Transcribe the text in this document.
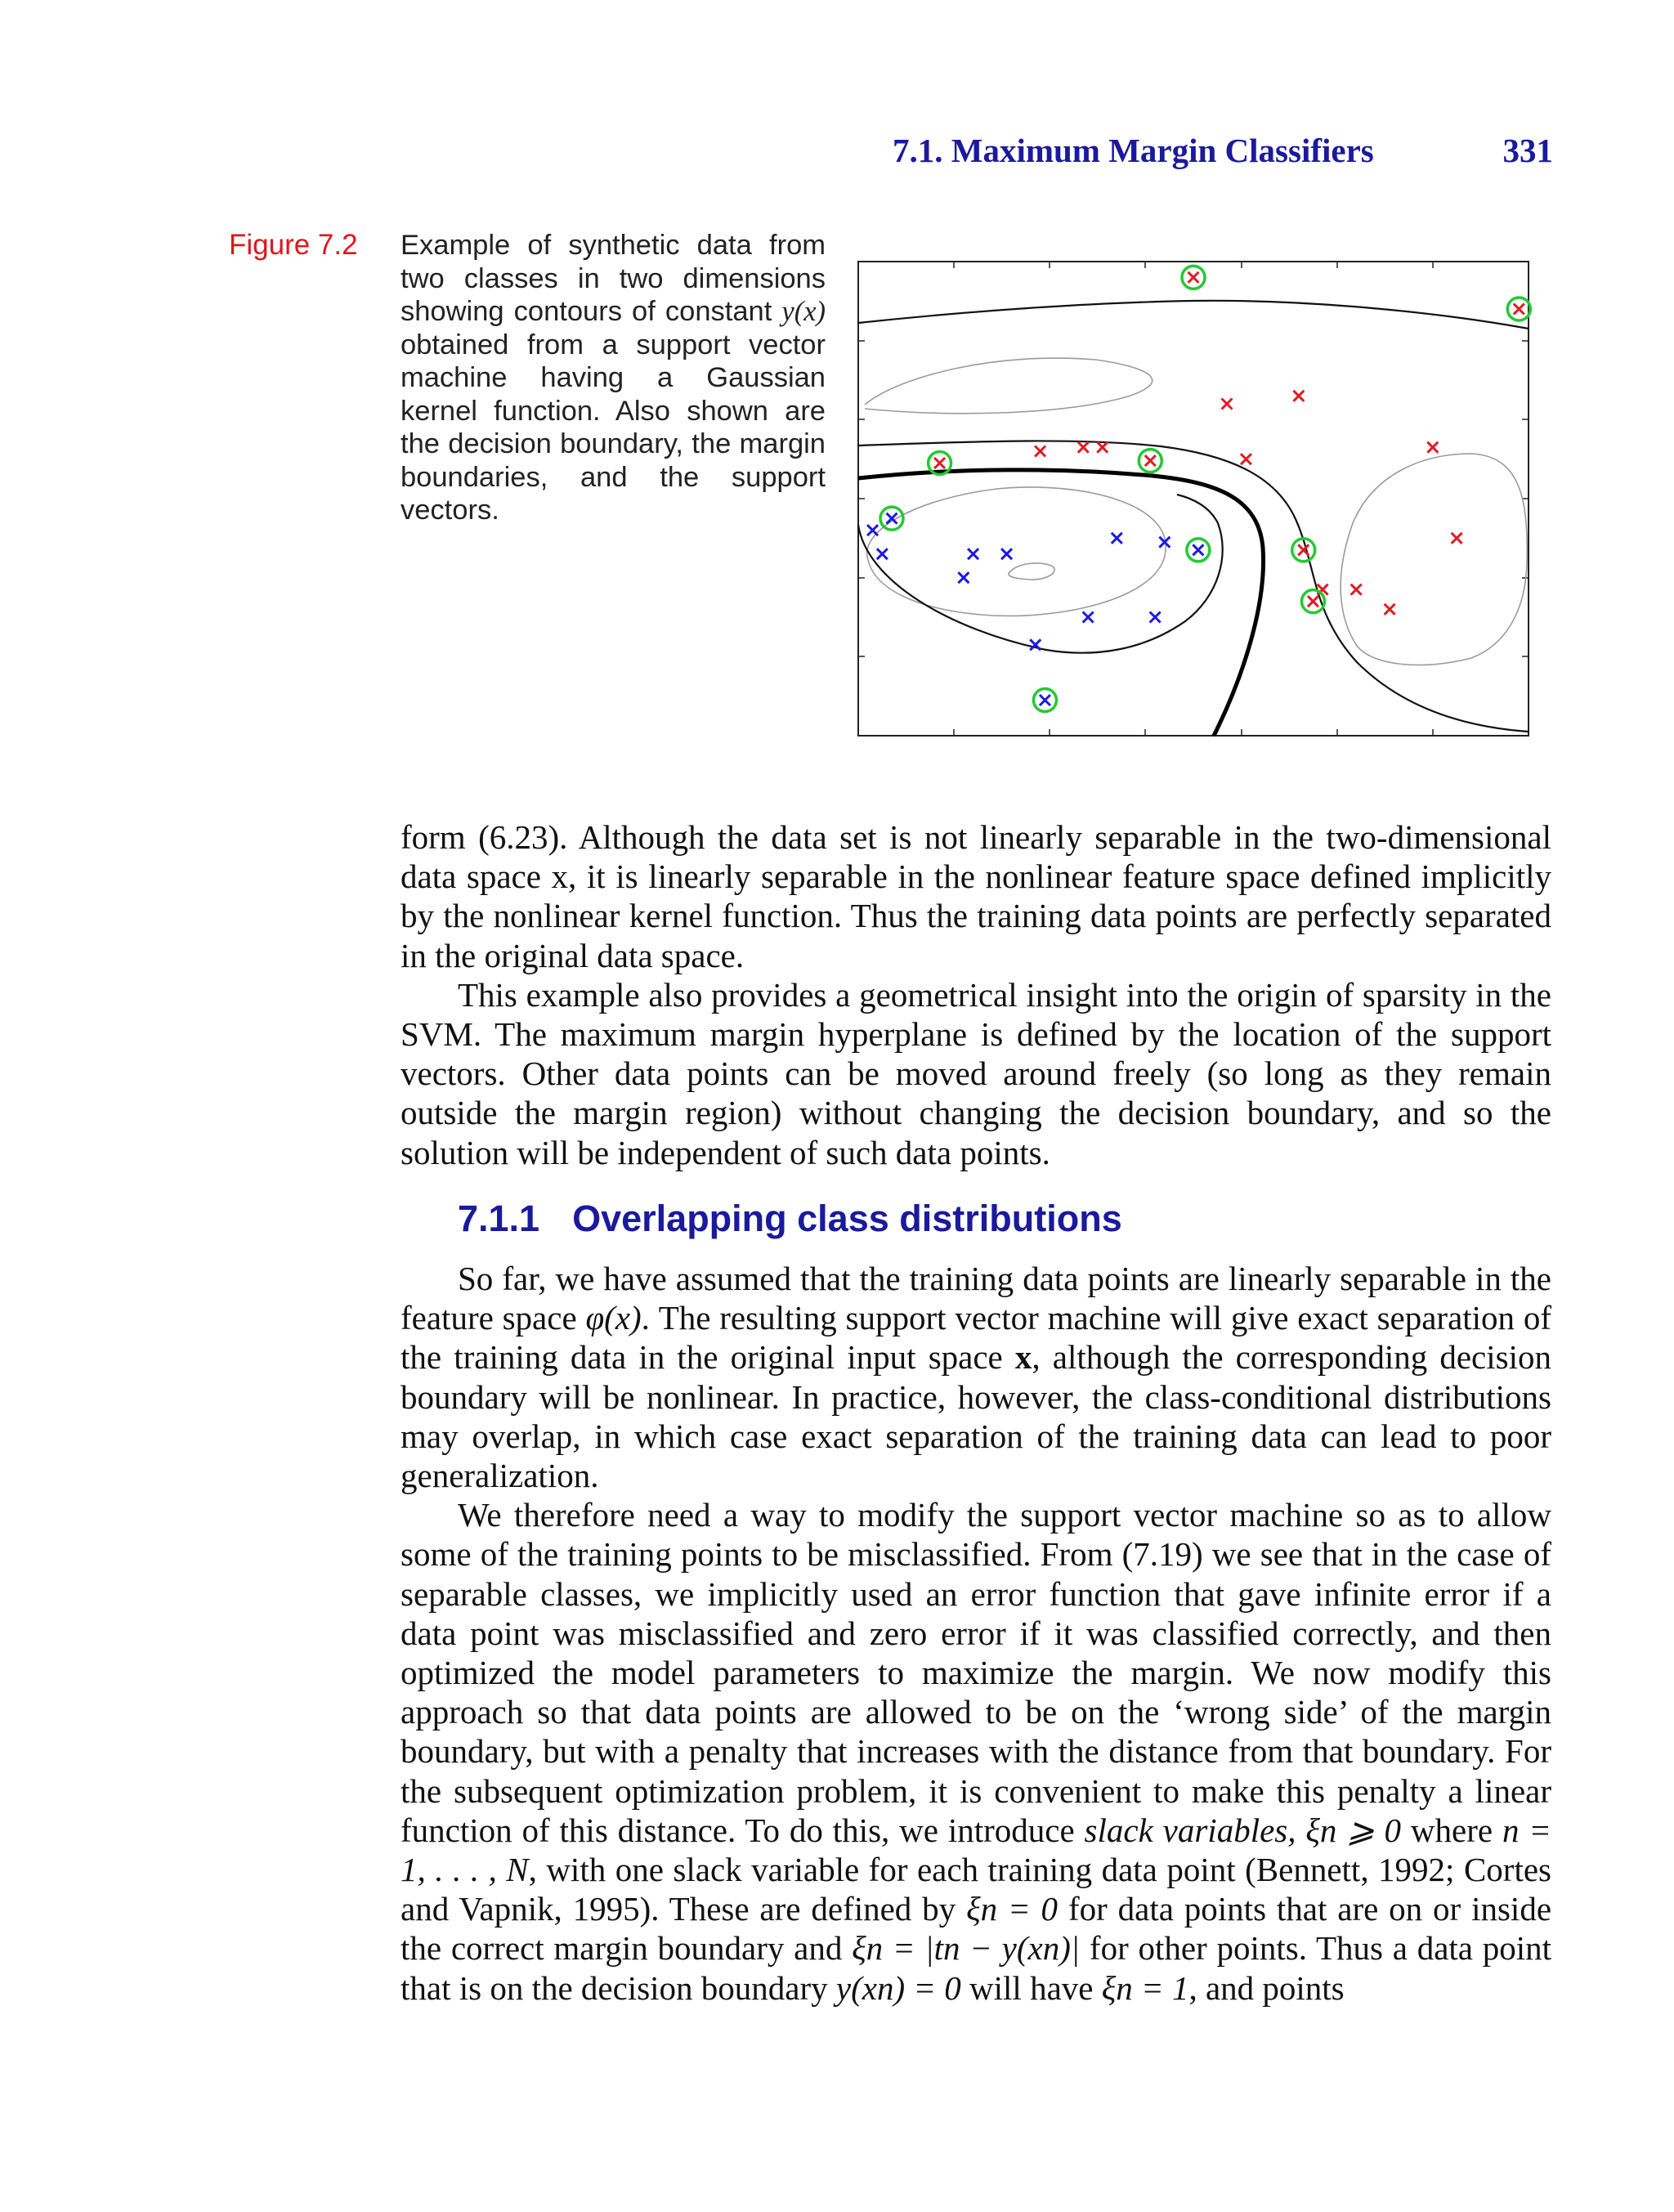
7.1. Maximum Margin Classifiers	331
Figure 7.2 Example of synthetic data from two classes in two dimensions showing contours of constant y(x) obtained from a support vector machine having a Gaussian kernel function. Also shown are the decision boundary, the margin boundaries, and the support vectors.

form (6.23). Although the data set is not linearly separable in the two-dimensional data space x, it is linearly separable in the nonlinear feature space defined implicitly by the nonlinear kernel function. Thus the training data points are perfectly separated in the original data space.

This example also provides a geometrical insight into the origin of sparsity in the SVM. The maximum margin hyperplane is defined by the location of the support vectors. Other data points can be moved around freely (so long as they remain outside the margin region) without changing the decision boundary, and so the solution will be independent of such data points.

7.1.1 Overlapping class distributions

So far, we have assumed that the training data points are linearly separable in the feature space φ(x). The resulting support vector machine will give exact separation of the training data in the original input space x, although the corresponding decision boundary will be nonlinear. In practice, however, the class-conditional distributions may overlap, in which case exact separation of the training data can lead to poor generalization.

We therefore need a way to modify the support vector machine so as to allow some of the training points to be misclassified. From (7.19) we see that in the case of separable classes, we implicitly used an error function that gave infinite error if a data point was misclassified and zero error if it was classified correctly, and then optimized the model parameters to maximize the margin. We now modify this approach so that data points are allowed to be on the ‘wrong side’ of the margin boundary, but with a penalty that increases with the distance from that boundary. For the subsequent optimization problem, it is convenient to make this penalty a linear function of this distance. To do this, we introduce slack variables, ξn ⩾ 0 where n = 1, . . . , N, with one slack variable for each training data point (Bennett, 1992; Cortes and Vapnik, 1995). These are defined by ξn = 0 for data points that are on or inside the correct margin boundary and ξn = |tn − y(xn)| for other points. Thus a data point that is on the decision boundary y(xn) = 0 will have ξn = 1, and points
